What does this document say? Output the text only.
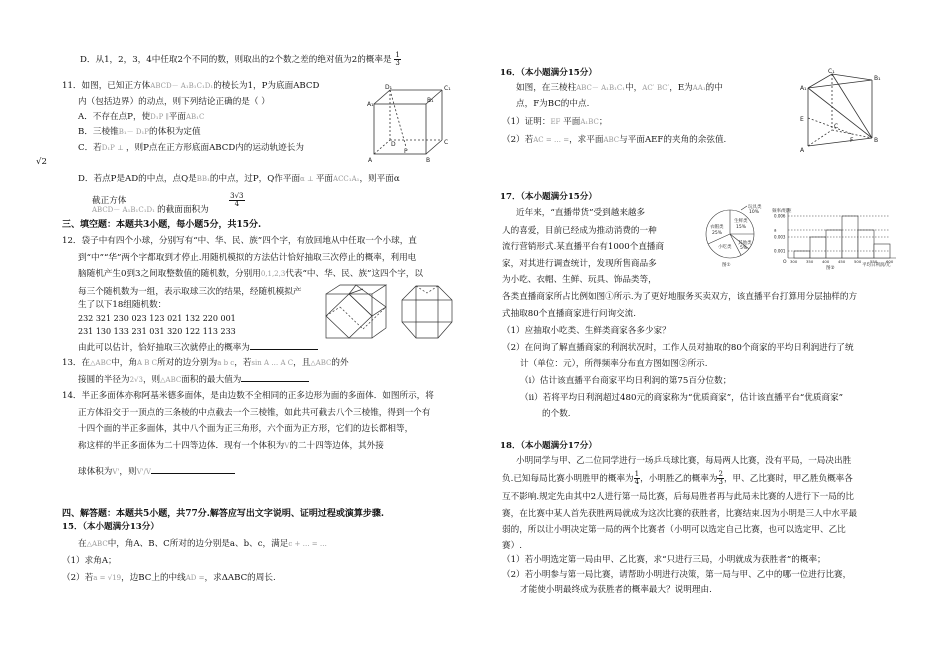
D．从1，2，3，4中任取2个不同的数，则取出的2个数之差的绝对值为2的概率是 $\frac{1}{3}$
11．如图，已知正方体ABCD－ A₁B₁C₁D₁的棱长为1，P为底面ABCD
内（包括边界）的动点，则下列结论正确的是（ ）
A．不存在点P，使D₁P ∥平面AB₁C
B．三棱锥B₁－ D₁P的体积为定值
C．若D₁P ⊥ ，则P点在正方形底面ABCD内的运动轨迹长为
√2
D．若点P是AD的中点，点Q是BB₁的中点，过P，Q作平面α ⊥ 平面ACC₁A₁，则平面α
截正方体	$\frac{3√3}{4}$
ABCD－ A₁B₁C₁D₁ 的截面面积为
A₁
D₁	C₁
B₁
A	B
C
D
P
三、填空题：本题共3小题，每小题5分，共15分.
12．袋子中有四个小球，分别写有“中、华、民、族”四个字，有放回地从中任取一个小球，直
到“中”“华”两个字都取到才停止.用随机模拟的方法估计恰好抽取三次停止的概率，利用电
脑随机产生0到3之间取整数值的随机数，分别用0,1,2,3代表“中、华、民、族”这四个字，以
每三个随机数为一组，表示取球三次的结果，经随机模拟产
生了以下18组随机数：
232 321 230 023 123 021 132 220 001
231 130 133 231 031 320 122 113 233
由此可以估计，恰好抽取三次就停止的概率为
13．在△ABC中，角A B C所对的边分别为a b c，若sin A … A C，且△ABC的外
接圆的半径为2√3，则△ABC面积的最大值为
14．半正多面体亦称阿基米德多面体，是由边数不全相同的正多边形为面的多面体．如图所示，将
正方体沿交于一顶点的三条棱的中点截去一个三棱锥，如此共可截去八个三棱锥，得到一个有
十四个面的半正多面体，其中八个面为正三角形，六个面为正方形，它们的边长都相等，
称这样的半正多面体为二十四等边体．现有一个体积为V的二十四等边体，其外接
球体积为V'，则V'/V
四、解答题：本题共5小题，共77分.解答应写出文字说明、证明过程或演算步骤.
15．（本小题满分13分）
在△ABC中，角A、B、C所对的边分别是a、b、c，满足c + … = …
（1）求角A；
（2）若a = √19，边BC上的中线AD =，求ΔABC的周长.
16．（本小题满分15分）
如图，在三棱柱ABC－ A₁B₁C₁中，AC′ BC′，E为AA₁的中
点，F为BC的中点.
（1）证明：EF 平面A₁BC；
（2）若AC = … =，求平面ABC与平面AEF的夹角的余弦值.
A₁
C₁
B₁
E
A
B
C
F
17．（本小题满分15分）
近年来，“直播带货”受到越来越多
人的喜爱，目前已经成为推动消费的一种
流行营销形式.某直播平台有1000个直播商
家，对其进行调查统计，发现所售商品多
为小吃、衣帽、生鲜、玩具、饰品类等，
各类直播商家所占比例如图①所示.为了更好地服务买卖双方，该直播平台打算用分层抽样的方
式抽取80个直播商家进行问询交流.
（1）应抽取小吃类、生鲜类商家各多少家？
（2）在问询了解直播商家的利润状况时，工作人员对抽取的80个商家的平均日利润进行了统
计（单位：元），所得频率分布直方图如图②所示.
（i）估计该直播平台商家平均日利润的第75百分位数；
（ii）若将平均日利润超过480元的商家称为“优质商家”，估计该直播平台“优质商家”
的个数.
衣帽类
25%
生鲜类
15%
玩具类
10%
其他类
5%
小吃类
图①
频率/组距
O
平均日利润/元
图②
0.001
0.003
a
0.006
300 350 400 450 500 550 600
18．（本小题满分17分）
小明同学与甲、乙二位同学进行一场乒乓球比赛，每局两人比赛，没有平局，一局决出胜
负.已知每局比赛小明胜甲的概率为 $\frac{1}{4}$ ，小明胜乙的概率为 $\frac{2}{3}$ ，甲、乙比赛时，甲乙胜负概率各
互不影响.规定先由其中2人进行第一局比赛，后每局胜者再与此局未比赛的人进行下一局的比
赛，在比赛中某人首先获胜两局就成为这次比赛的获胜者，比赛结束.因为小明是三人中水平最
弱的，所以让小明决定第一局的两个比赛者（小明可以选定自己比赛，也可以选定甲、乙比
赛）.
（1）若小明选定第一局由甲、乙比赛，求“只进行三局，小明就成为获胜者”的概率；
（2）若小明参与第一局比赛，请帮助小明进行决策，第一局与甲、乙中的哪一位进行比赛，
才能使小明最终成为获胜者的概率最大？说明理由.
